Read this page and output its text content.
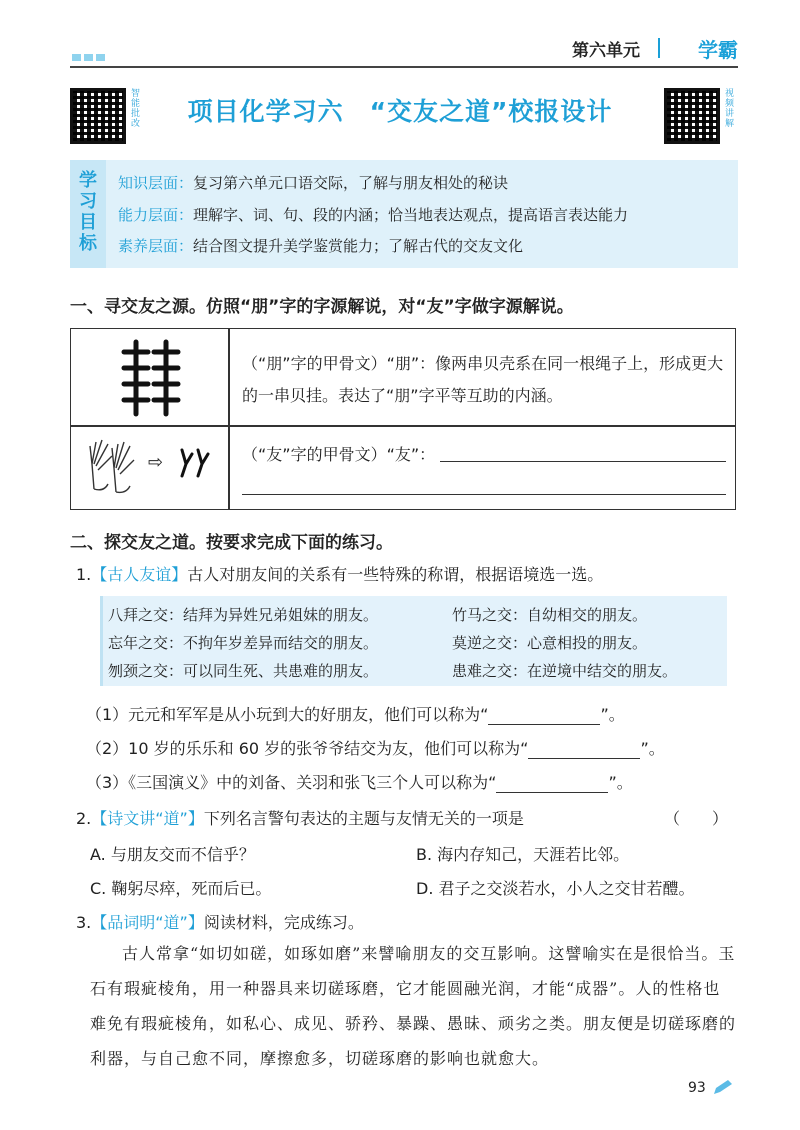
第六单元	学霸
智能批改	视频讲解
项目化学习六　“交友之道”校报设计
学
习
目
标
知识层面：复习第六单元口语交际，了解与朋友相处的秘诀
能力层面：理解字、词、句、段的内涵；恰当地表达观点，提高语言表达能力
素养层面：结合图文提升美学鉴赏能力；了解古代的交友文化
一、寻交友之源。仿照“朋”字的字源解说，对“友”字做字源解说。
（“朋”字的甲骨文）“朋”：像两串贝壳系在同一根绳子上，形成更大的一串贝挂。表达了“朋”字平等互助的内涵。
⇨	（“友”字的甲骨文）“友”：
二、探交友之道。按要求完成下面的练习。
1.【古人友谊】古人对朋友间的关系有一些特殊的称谓，根据语境选一选。
八拜之交：结拜为异姓兄弟姐妹的朋友。	竹马之交：自幼相交的朋友。
忘年之交：不拘年岁差异而结交的朋友。	莫逆之交：心意相投的朋友。
刎颈之交：可以同生死、共患难的朋友。	患难之交：在逆境中结交的朋友。
（1）元元和军军是从小玩到大的好朋友，他们可以称为“	”。
（2）10 岁的乐乐和 60 岁的张爷爷结交为友，他们可以称为“	”。
（3）《三国演义》中的刘备、关羽和张飞三个人可以称为“	”。
2.【诗文讲“道”】下列名言警句表达的主题与友情无关的一项是	（　　）
A. 与朋友交而不信乎？	B. 海内存知己，天涯若比邻。
C. 鞠躬尽瘁，死而后已。	D. 君子之交淡若水，小人之交甘若醴。
3.【品词明“道”】阅读材料，完成练习。
古人常拿“如切如磋，如琢如磨”来譬喻朋友的交互影响。这譬喻实在是很恰当。玉石有瑕疵棱角，用一种器具来切磋琢磨，它才能圆融光润，才能“成器”。人的性格也难免有瑕疵棱角，如私心、成见、骄矜、暴躁、愚昧、顽劣之类。朋友便是切磋琢磨的利器，与自己愈不同，摩擦愈多，切磋琢磨的影响也就愈大。
93
